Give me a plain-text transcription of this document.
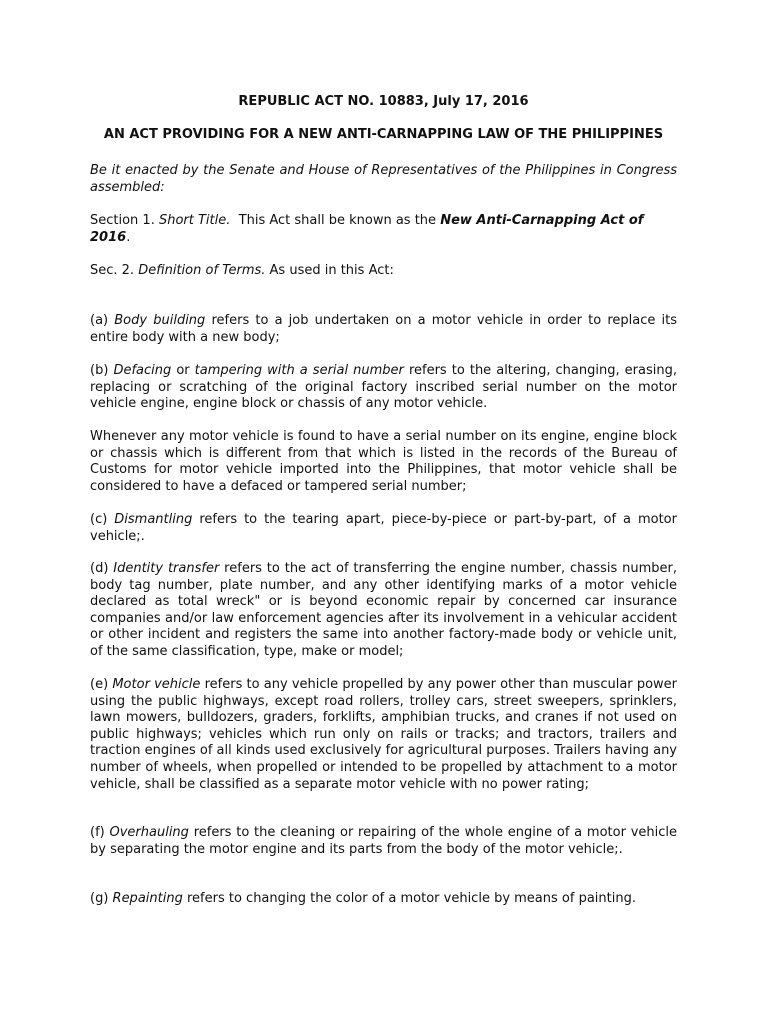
REPUBLIC ACT NO. 10883, July 17, 2016
AN ACT PROVIDING FOR A NEW ANTI-CARNAPPING LAW OF THE PHILIPPINES
Be it enacted by the Senate and House of Representatives of the Philippines in Congress assembled:
Section 1. Short Title.  This Act shall be known as the New Anti-Carnapping Act of 2016.
Sec. 2. Definition of Terms. As used in this Act:
(a) Body building refers to a job undertaken on a motor vehicle in order to replace its entire body with a new body;
(b) Defacing or tampering with a serial number refers to the altering, changing, erasing, replacing or scratching of the original factory inscribed serial number on the motor vehicle engine, engine block or chassis of any motor vehicle.
Whenever any motor vehicle is found to have a serial number on its engine, engine block or chassis which is different from that which is listed in the records of the Bureau of Customs for motor vehicle imported into the Philippines, that motor vehicle shall be considered to have a defaced or tampered serial number;
(c) Dismantling refers to the tearing apart, piece-by-piece or part-by-part, of a motor vehicle;.
(d) Identity transfer refers to the act of transferring the engine number, chassis number, body tag number, plate number, and any other identifying marks of a motor vehicle declared as total wreck" or is beyond economic repair by concerned car insurance companies and/or law enforcement agencies after its involvement in a vehicular accident or other incident and registers the same into another factory-made body or vehicle unit, of the same classification, type, make or model;
(e) Motor vehicle refers to any vehicle propelled by any power other than muscular power using the public highways, except road rollers, trolley cars, street sweepers, sprinklers, lawn mowers, bulldozers, graders, forklifts, amphibian trucks, and cranes if not used on public highways; vehicles which run only on rails or tracks; and tractors, trailers and traction engines of all kinds used exclusively for agricultural purposes. Trailers having any number of wheels, when propelled or intended to be propelled by attachment to a motor vehicle, shall be classified as a separate motor vehicle with no power rating;
(f) Overhauling refers to the cleaning or repairing of the whole engine of a motor vehicle by separating the motor engine and its parts from the body of the motor vehicle;.
(g) Repainting refers to changing the color of a motor vehicle by means of painting.
